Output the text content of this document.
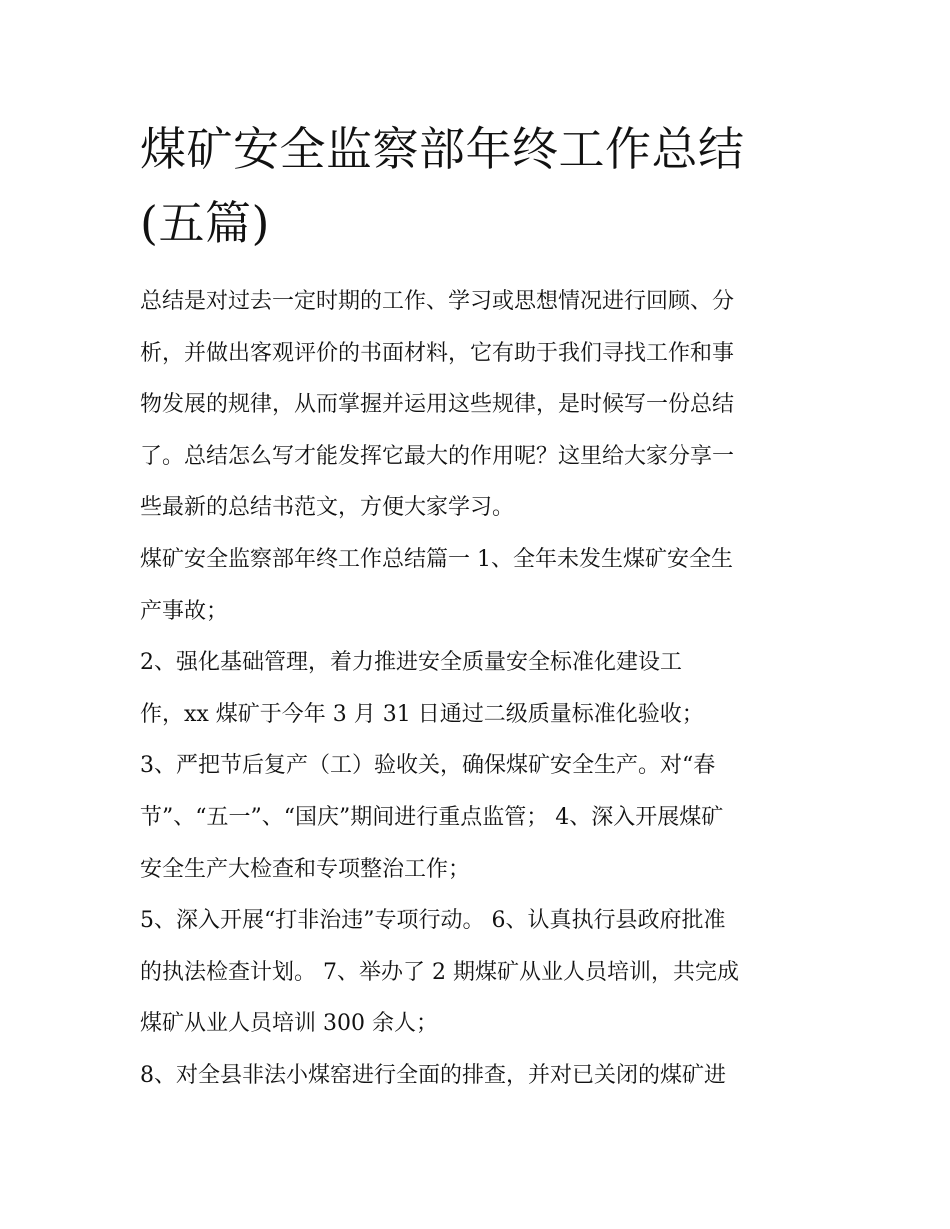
煤矿安全监察部年终工作总结
(五篇)
总结是对过去一定时期的工作、学习或思想情况进行回顾、分
析，并做出客观评价的书面材料，它有助于我们寻找工作和事
物发展的规律，从而掌握并运用这些规律，是时候写一份总结
了。总结怎么写才能发挥它最大的作用呢？这里给大家分享一
些最新的总结书范文，方便大家学习。
煤矿安全监察部年终工作总结篇一 1、全年未发生煤矿安全生
产事故；
2、强化基础管理，着力推进安全质量安全标准化建设工
作，xx 煤矿于今年 3 月 31 日通过二级质量标准化验收；
3、严把节后复产（工）验收关，确保煤矿安全生产。对“春
节”、“五一”、“国庆”期间进行重点监管； 4、深入开展煤矿
安全生产大检查和专项整治工作；
5、深入开展“打非治违”专项行动。 6、认真执行县政府批准
的执法检查计划。 7、举办了 2 期煤矿从业人员培训，共完成
煤矿从业人员培训 300 余人；
8、对全县非法小煤窑进行全面的排查，并对已关闭的煤矿进
